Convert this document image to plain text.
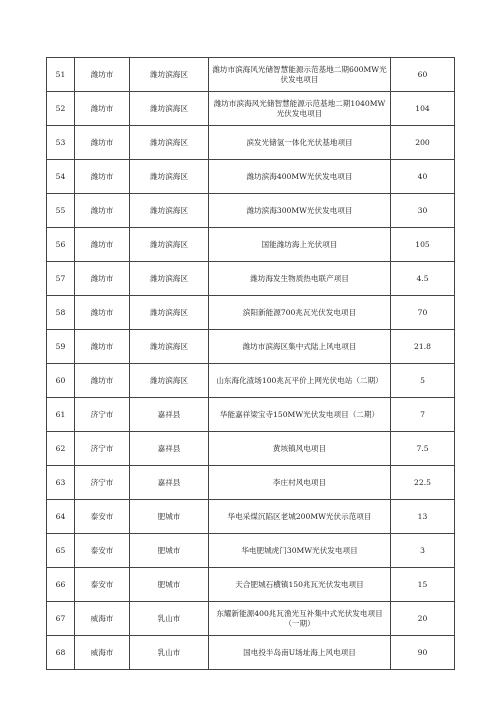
51	潍坊市	潍坊滨海区	潍坊市滨海风光储智慧能源示范基地二期600MW光伏发电项目	60
52	潍坊市	潍坊滨海区	潍坊市滨海风光储智慧能源示范基地二期1040MW光伏发电项目	104
53	潍坊市	潍坊滨海区	滨发光储氢一体化光伏基地项目	200
54	潍坊市	潍坊滨海区	潍坊滨海400MW光伏发电项目	40
55	潍坊市	潍坊滨海区	潍坊滨海300MW光伏发电项目	30
56	潍坊市	潍坊滨海区	国能潍坊海上光伏项目	105
57	潍坊市	潍坊滨海区	潍坊海发生物质热电联产项目	4.5
58	潍坊市	潍坊滨海区	滨阳新能源700兆瓦光伏发电项目	70
59	潍坊市	潍坊滨海区	潍坊市滨海区集中式陆上风电项目	21.8
60	潍坊市	潍坊滨海区	山东海化渣场100兆瓦平价上网光伏电站（二期）	5
61	济宁市	嘉祥县	华能嘉祥梁宝寺150MW光伏发电项目（二期）	7
62	济宁市	嘉祥县	黄垓镇风电项目	7.5
63	济宁市	嘉祥县	李庄村风电项目	22.5
64	泰安市	肥城市	华电采煤沉陷区老城200MW光伏示范项目	13
65	泰安市	肥城市	华电肥城虎门30MW光伏发电项目	3
66	泰安市	肥城市	天合肥城石横镇150兆瓦光伏发电项目	15
67	威海市	乳山市	东耀新能源400兆瓦渔光互补集中式光伏发电项目（一期）	20
68	威海市	乳山市	国电投半岛南U场址海上风电项目	90
